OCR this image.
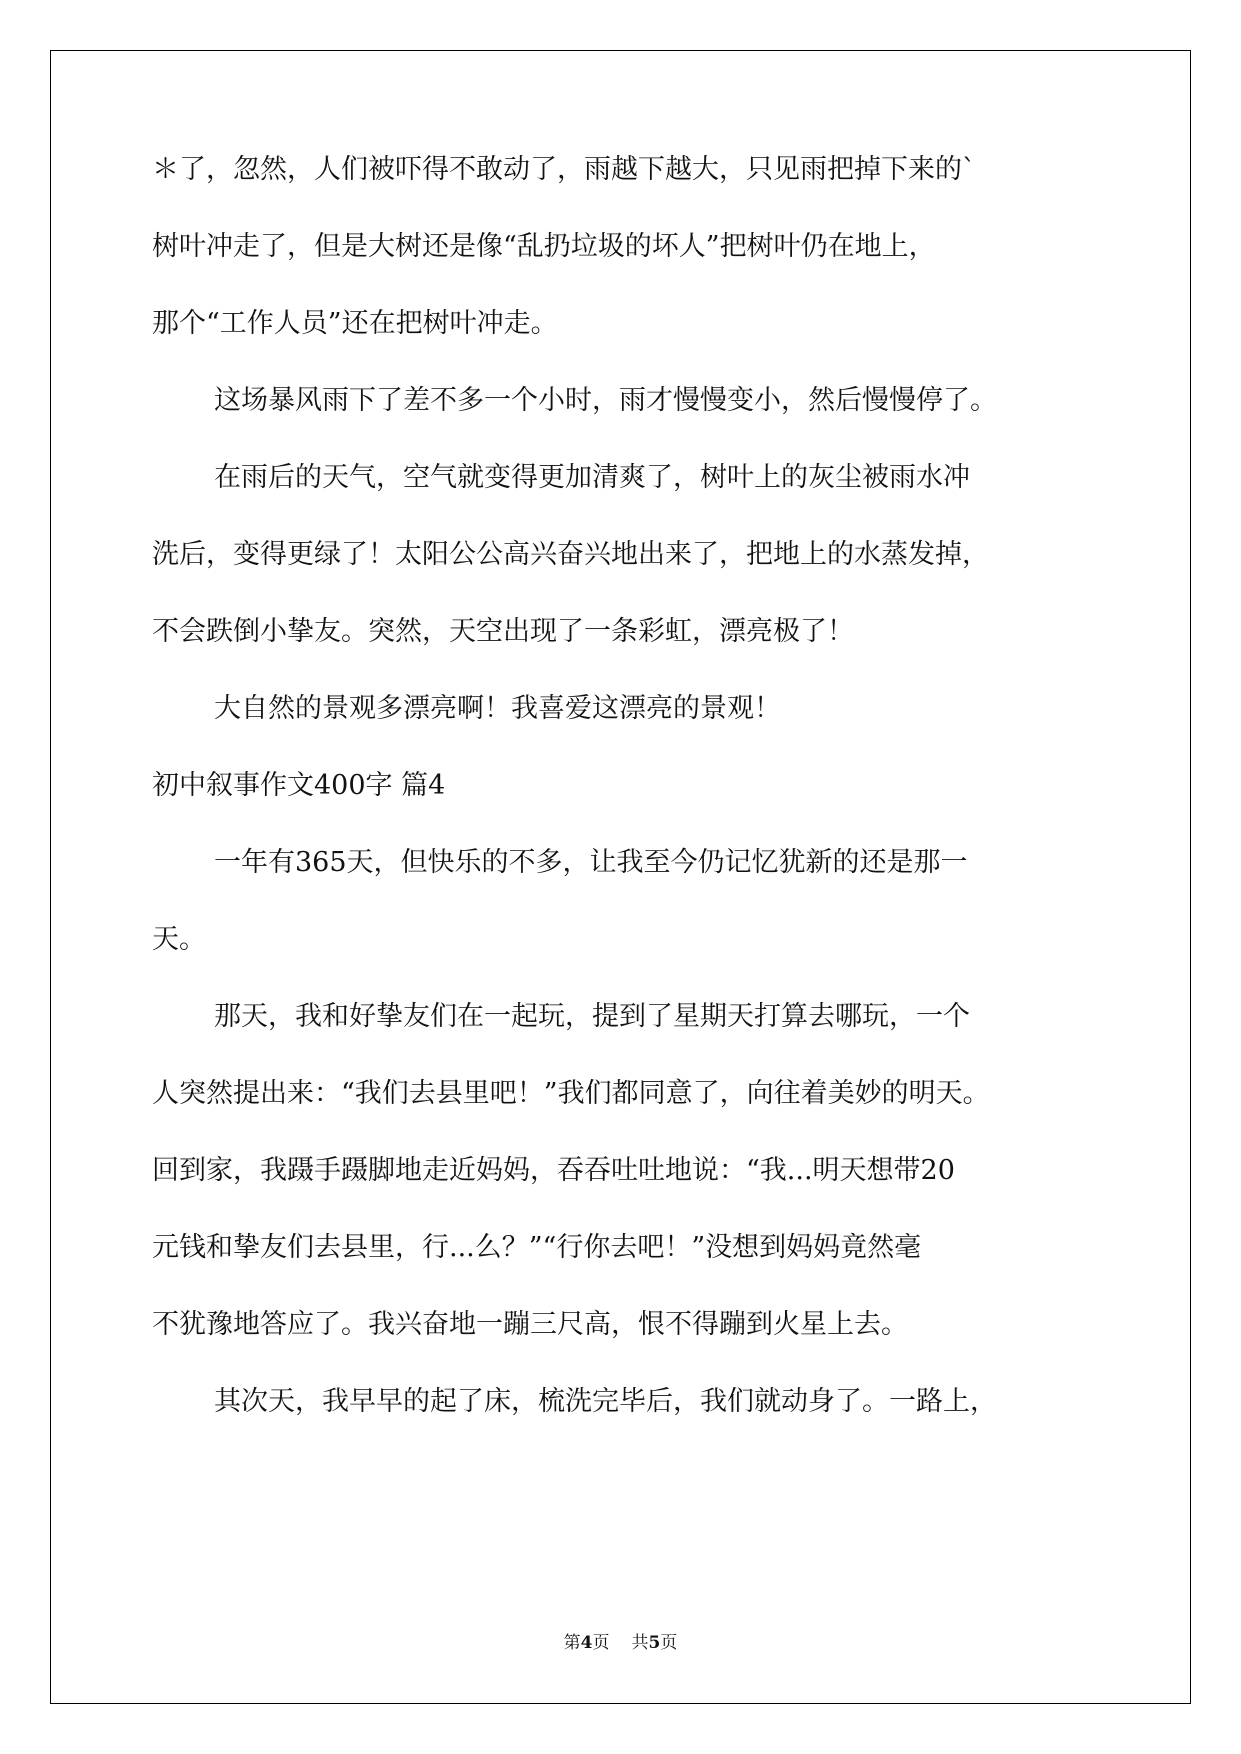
＊了，忽然，人们被吓得不敢动了，雨越下越大，只见雨把掉下来的`
树叶冲走了，但是大树还是像“乱扔垃圾的坏人”把树叶仍在地上，
那个“工作人员”还在把树叶冲走。
这场暴风雨下了差不多一个小时，雨才慢慢变小，然后慢慢停了。
在雨后的天气，空气就变得更加清爽了，树叶上的灰尘被雨水冲
洗后，变得更绿了！太阳公公高兴奋兴地出来了，把地上的水蒸发掉，
不会跌倒小挚友。突然，天空出现了一条彩虹，漂亮极了！
大自然的景观多漂亮啊！我喜爱这漂亮的景观！
初中叙事作文400字 篇4
一年有365天，但快乐的不多，让我至今仍记忆犹新的还是那一
天。
那天，我和好挚友们在一起玩，提到了星期天打算去哪玩，一个
人突然提出来：“我们去县里吧！”我们都同意了，向往着美妙的明天。
回到家，我蹑手蹑脚地走近妈妈，吞吞吐吐地说：“我...明天想带20
元钱和挚友们去县里，行...么？”“行你去吧！”没想到妈妈竟然毫
不犹豫地答应了。我兴奋地一蹦三尺高，恨不得蹦到火星上去。
第4页 共5页
其次天，我早早的起了床，梳洗完毕后，我们就动身了。一路上，
